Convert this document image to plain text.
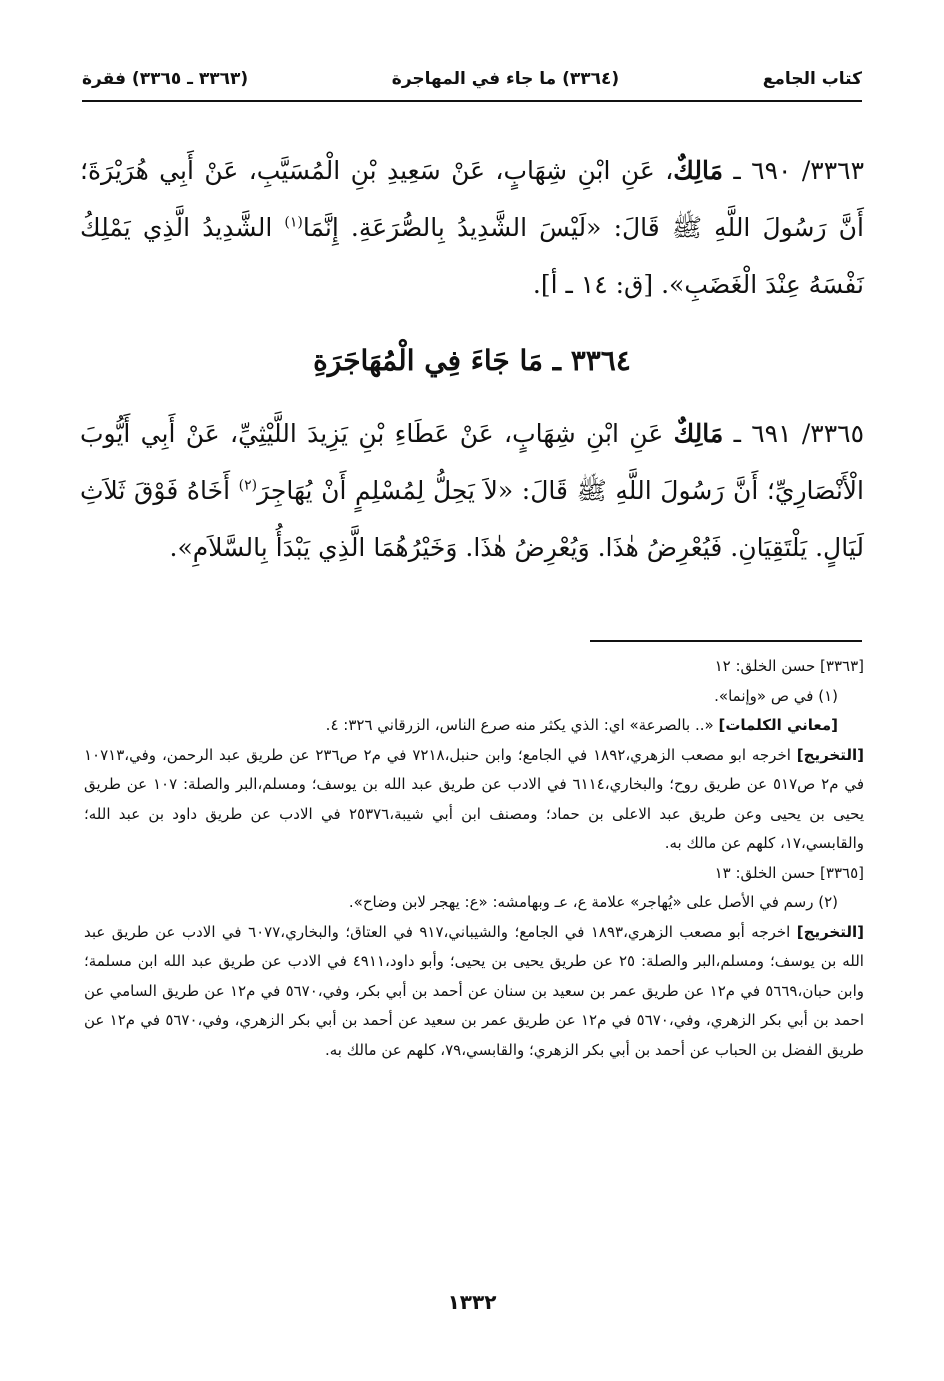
كتاب الجامع
(٣٣٦٤) ما جاء في المهاجرة
(٣٣٦٣ ـ ٣٣٦٥) فقرة

٣٣٦٣/ ٦٩٠ ـ مَالِكٌ، عَنِ ابْنِ شِهَابٍ، عَنْ سَعِيدِ بْنِ الْمُسَيَّبِ، عَنْ أَبِي هُرَيْرَةَ؛ أَنَّ رَسُولَ اللَّهِ ﷺ قَالَ: «لَيْسَ الشَّدِيدُ بِالصُّرَعَةِ. إِنَّمَا$^{(١)}$ الشَّدِيدُ الَّذِي يَمْلِكُ نَفْسَهُ عِنْدَ الْغَضَبِ». [ق: ١٤ ـ أ].

٣٣٦٤ ـ مَا جَاءَ فِي الْمُهَاجَرَةِ

٣٣٦٥/ ٦٩١ ـ مَالِكٌ عَنِ ابْنِ شِهَابٍ، عَنْ عَطَاءِ بْنِ يَزِيدَ اللَّيْثِيِّ، عَنْ أَبِي أَيُّوبَ الْأَنْصَارِيِّ؛ أَنَّ رَسُولَ اللَّهِ ﷺ قَالَ: «لاَ يَحِلُّ لِمُسْلِمٍ أَنْ يُهَاجِرَ$^{(٢)}$ أَخَاهُ فَوْقَ ثَلاَثِ لَيَالٍ. يَلْتَقِيَانِ. فَيُعْرِضُ هٰذَا. وَيُعْرِضُ هٰذَا. وَخَيْرُهُمَا الَّذِي يَبْدَأُ بِالسَّلاَمِ».

[٣٣٦٣] حسن الخلق: ١٢

(١) في ص «وإنما».

[معاني الكلمات] «.. بالصرعة» اي: الذي يكثر منه صرع الناس، الزرقاني ٣٢٦: ٤.

[التخريج] اخرجه ابو مصعب الزهري،١٨٩٢ في الجامع؛ وابن حنبل،٧٢١٨ في م٢ ص٢٣٦ عن طريق عبد الرحمن، وفي،١٠٧١٣ في م٢ ص٥١٧ عن طريق روح؛ والبخاري،٦١١٤ في الادب عن طريق عبد الله بن يوسف؛ ومسلم،البر والصلة: ١٠٧ عن طريق يحيى بن يحيى وعن طريق عبد الاعلى بن حماد؛ ومصنف ابن أبي شيبة،٢٥٣٧٦ في الادب عن طريق داود بن عبد الله؛ والقابسي،١٧، كلهم عن مالك به.

[٣٣٦٥] حسن الخلق: ١٣

(٢) رسم في الأصل على «يُهاجر» علامة ع، عـ وبهامشه: «ع: يهجر لابن وضاح».

[التخريج] اخرجه أبو مصعب الزهري،١٨٩٣ في الجامع؛ والشيباني،٩١٧ في العتاق؛ والبخاري،٦٠٧٧ في الادب عن طريق عبد الله بن يوسف؛ ومسلم،البر والصلة: ٢٥ عن طريق يحيى بن يحيى؛ وأبو داود،٤٩١١ في الادب عن طريق عبد الله ابن مسلمة؛ وابن حبان،٥٦٦٩ في م١٢ عن طريق عمر بن سعيد بن سنان عن أحمد بن أبي بكر، وفي،٥٦٧٠ في م١٢ عن طريق السامي عن احمد بن أبي بكر الزهري، وفي،٥٦٧٠ في م١٢ عن طريق عمر بن سعيد عن أحمد بن أبي بكر الزهري، وفي،٥٦٧٠ في م١٢ عن طريق الفضل بن الحباب عن أحمد بن أبي بكر الزهري؛ والقابسي،٧٩، كلهم عن مالك به.

١٣٣٢
